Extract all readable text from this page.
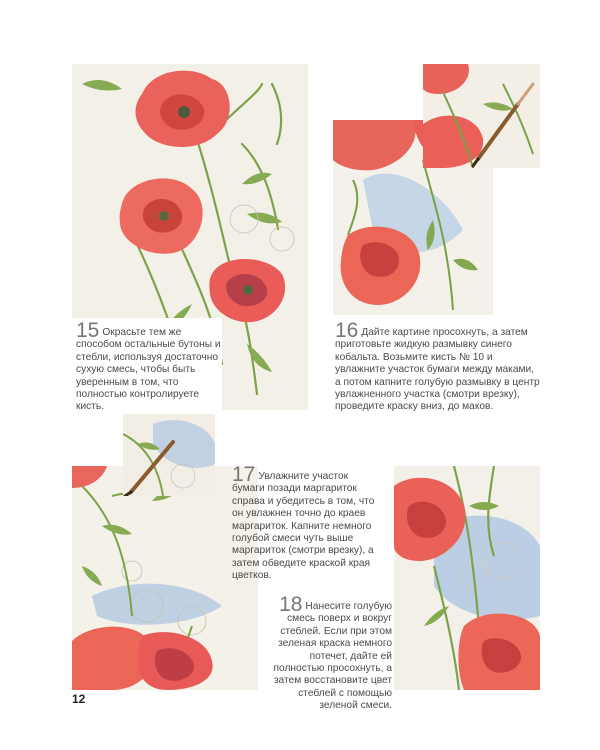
15 Окрасьте тем же способом остальные бутоны и стебли, используя достаточно сухую смесь, чтобы быть уверенным в том, что полностью контролируете кисть.
16 Дайте картине просохнуть, а затем приготовьте жидкую размывку синего кобальта. Возьмите кисть № 10 и увлажните участок бумаги между маками, а потом капните голубую размывку в центр увлажненного участка (смотри врезку), проведите краску вниз, до маков.
17 Увлажните участок бумаги позади маргариток справа и убедитесь в том, что он увлажнен точно до краев маргариток. Капните немного голубой смеси чуть выше маргариток (смотри врезку), а затем обведите краской края цветков.
18 Нанесите голубую смесь поверх и вокруг стеблей. Если при этом зеленая краска немного потечет, дайте ей полностью просохнуть, а затем восстановите цвет стеблей с помощью зеленой смеси.
12
